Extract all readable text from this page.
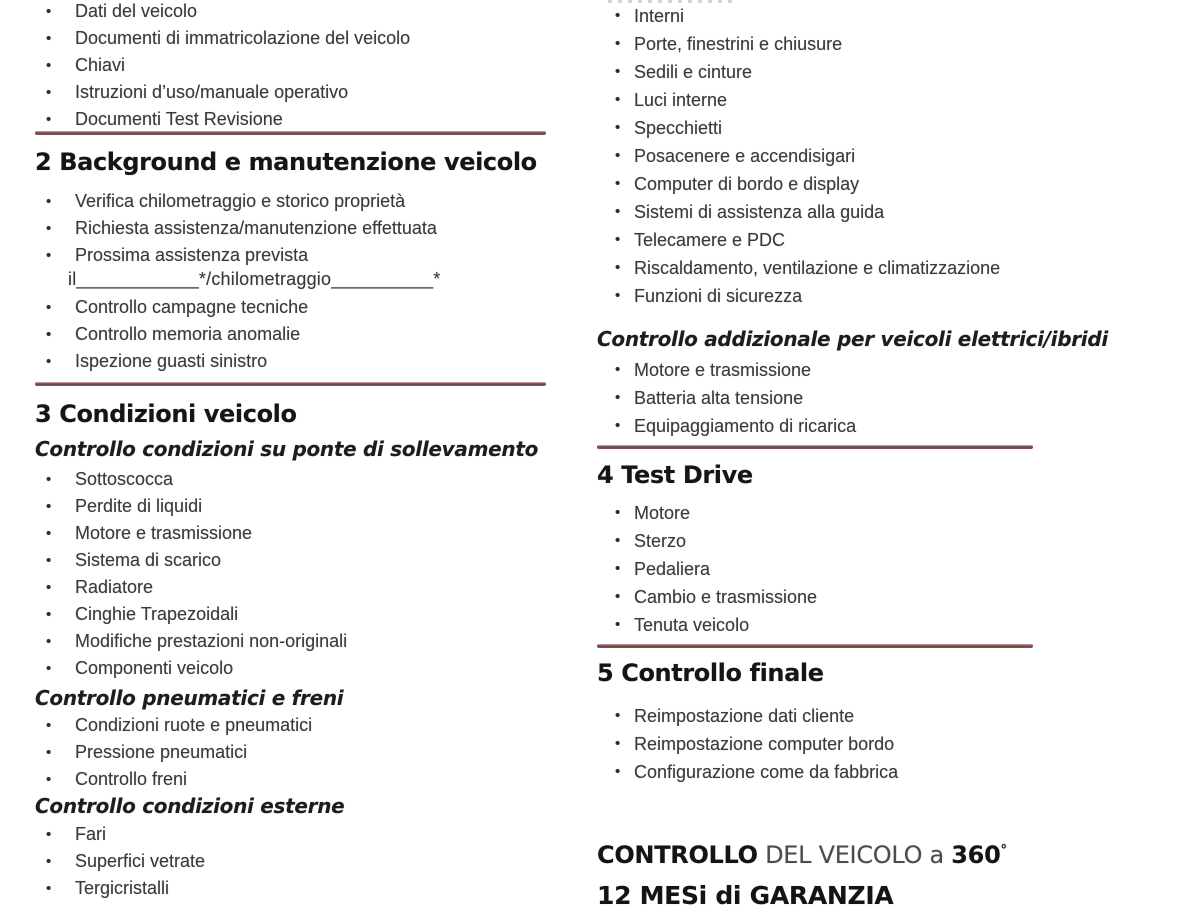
• Dati del veicolo
• Documenti di immatricolazione del veicolo
• Chiavi
• Istruzioni d’uso/manuale operativo
• Documenti Test Revisione
2 Background e manutenzione veicolo
• Verifica chilometraggio e storico proprietà
• Richiesta assistenza/manutenzione effettuata
• Prossima assistenza prevista
il____________*/chilometraggio__________*
• Controllo campagne tecniche
• Controllo memoria anomalie
• Ispezione guasti sinistro
3 Condizioni veicolo
Controllo condizioni su ponte di sollevamento
• Sottoscocca
• Perdite di liquidi
• Motore e trasmissione
• Sistema di scarico
• Radiatore
• Cinghie Trapezoidali
• Modifiche prestazioni non-originali
• Componenti veicolo
Controllo pneumatici e freni
• Condizioni ruote e pneumatici
• Pressione pneumatici
• Controllo freni
Controllo condizioni esterne
• Fari
• Superfici vetrate
• Tergicristalli
• Interni
• Porte, finestrini e chiusure
• Sedili e cinture
• Luci interne
• Specchietti
• Posacenere e accendisigari
• Computer di bordo e display
• Sistemi di assistenza alla guida
• Telecamere e PDC
• Riscaldamento, ventilazione e climatizzazione
• Funzioni di sicurezza
Controllo addizionale per veicoli elettrici/ibridi
• Motore e trasmissione
• Batteria alta tensione
• Equipaggiamento di ricarica
4 Test Drive
• Motore
• Sterzo
• Pedaliera
• Cambio e trasmissione
• Tenuta veicolo
5 Controllo finale
• Reimpostazione dati cliente
• Reimpostazione computer bordo
• Configurazione come da fabbrica
CONTROLLO DEL VEICOLO a 360°
12 MESi di GARANZIA
